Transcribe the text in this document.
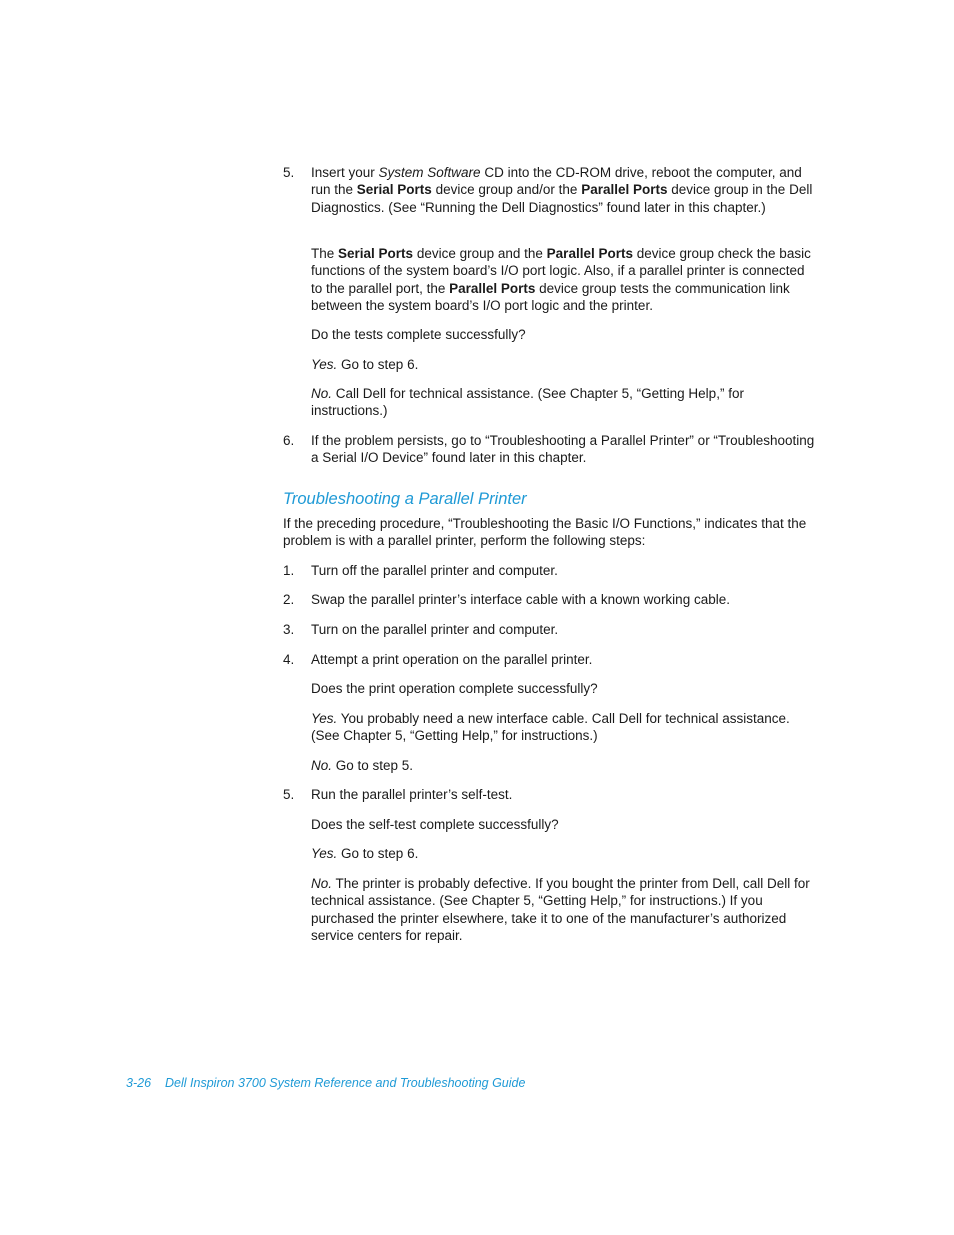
5. Insert your System Software CD into the CD-ROM drive, reboot the computer, and run the Serial Ports device group and/or the Parallel Ports device group in the Dell Diagnostics. (See “Running the Dell Diagnostics” found later in this chapter.)

The Serial Ports device group and the Parallel Ports device group check the basic functions of the system board’s I/O port logic. Also, if a parallel printer is connected to the parallel port, the Parallel Ports device group tests the communication link between the system board’s I/O port logic and the printer.

Do the tests complete successfully?

Yes. Go to step 6.

No. Call Dell for technical assistance. (See Chapter 5, “Getting Help,” for instructions.)

6. If the problem persists, go to “Troubleshooting a Parallel Printer” or “Troubleshooting a Serial I/O Device” found later in this chapter.

Troubleshooting a Parallel Printer

If the preceding procedure, “Troubleshooting the Basic I/O Functions,” indicates that the problem is with a parallel printer, perform the following steps:

1. Turn off the parallel printer and computer.

2. Swap the parallel printer’s interface cable with a known working cable.

3. Turn on the parallel printer and computer.

4. Attempt a print operation on the parallel printer.

Does the print operation complete successfully?

Yes. You probably need a new interface cable. Call Dell for technical assistance. (See Chapter 5, “Getting Help,” for instructions.)

No. Go to step 5.

5. Run the parallel printer’s self-test.

Does the self-test complete successfully?

Yes. Go to step 6.

No. The printer is probably defective. If you bought the printer from Dell, call Dell for technical assistance. (See Chapter 5, “Getting Help,” for instructions.) If you purchased the printer elsewhere, take it to one of the manufacturer’s authorized service centers for repair.

3-26 Dell Inspiron 3700 System Reference and Troubleshooting Guide
